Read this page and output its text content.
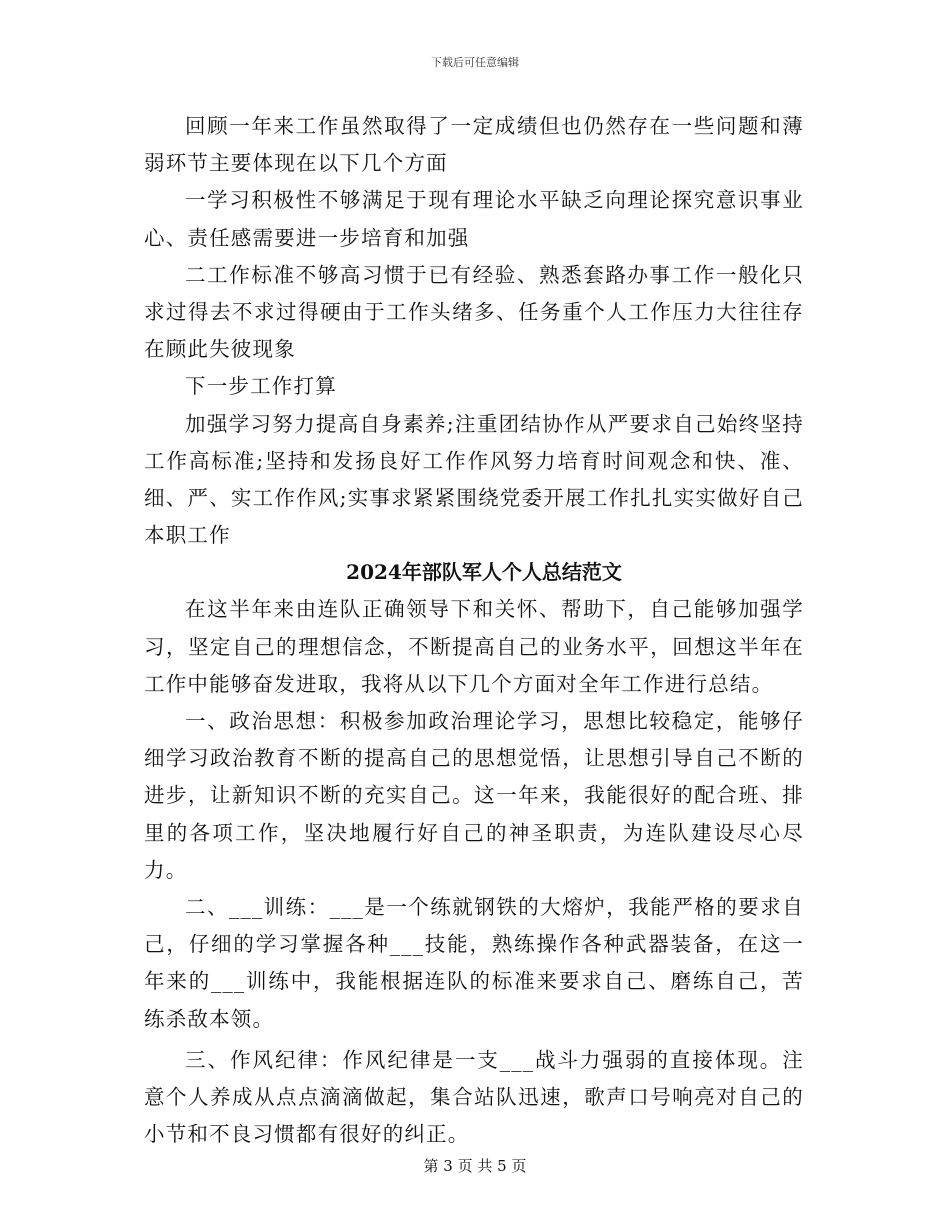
下载后可任意编辑

回顾一年来工作虽然取得了一定成绩但也仍然存在一些问题和薄弱环节主要体现在以下几个方面

一学习积极性不够满足于现有理论水平缺乏向理论探究意识事业心、责任感需要进一步培育和加强

二工作标准不够高习惯于已有经验、熟悉套路办事工作一般化只求过得去不求过得硬由于工作头绪多、任务重个人工作压力大往往存在顾此失彼现象

下一步工作打算

加强学习努力提高自身素养;注重团结协作从严要求自己始终坚持工作高标准;坚持和发扬良好工作作风努力培育时间观念和快、准、细、严、实工作作风;实事求紧紧围绕党委开展工作扎扎实实做好自己本职工作

2024年部队军人个人总结范文

在这半年来由连队正确领导下和关怀、帮助下，自己能够加强学习，坚定自己的理想信念，不断提高自己的业务水平，回想这半年在工作中能够奋发进取，我将从以下几个方面对全年工作进行总结。

一、政治思想：积极参加政治理论学习，思想比较稳定，能够仔细学习政治教育不断的提高自己的思想觉悟，让思想引导自己不断的进步，让新知识不断的充实自己。这一年来，我能很好的配合班、排里的各项工作，坚决地履行好自己的神圣职责，为连队建设尽心尽力。

二、___训练：___是一个练就钢铁的大熔炉，我能严格的要求自己，仔细的学习掌握各种___技能，熟练操作各种武器装备，在这一年来的___训练中，我能根据连队的标准来要求自己、磨练自己，苦练杀敌本领。

三、作风纪律：作风纪律是一支___战斗力强弱的直接体现。注意个人养成从点点滴滴做起，集合站队迅速，歌声口号响亮对自己的小节和不良习惯都有很好的纠正。

第 3 页 共 5 页
